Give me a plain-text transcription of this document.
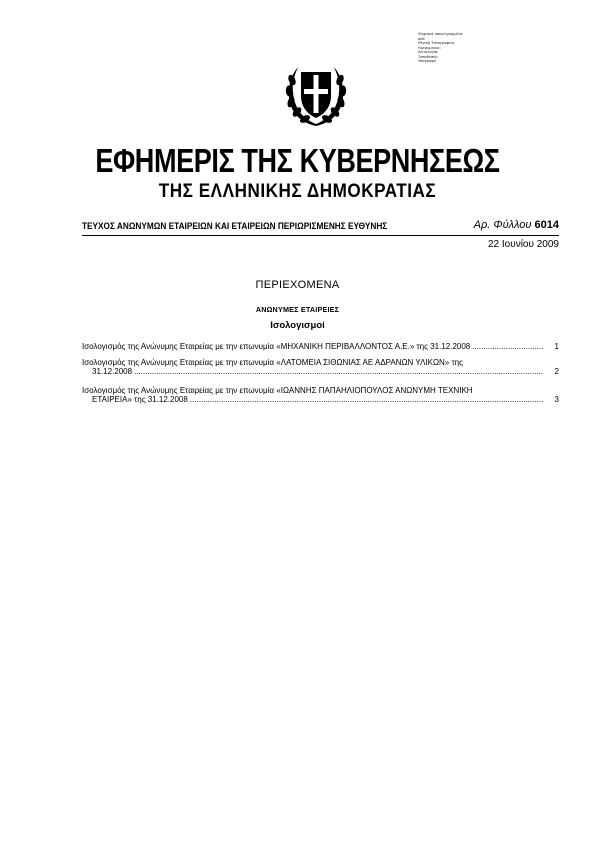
Ψηφιακά υπογεγραμμένο
από
Εθνικό Τυπογραφείο
Ημερομηνία:
Αιτιολογία:
Τοποθεσία:
Υπογραφή
ΕΦΗΜΕΡΙΣ ΤΗΣ ΚΥΒΕΡΝΗΣΕΩΣ
ΤΗΣ ΕΛΛΗΝΙΚΗΣ ΔΗΜΟΚΡΑΤΙΑΣ
ΤΕΥΧΟΣ ΑΝΩΝΥΜΩΝ ΕΤΑΙΡΕΙΩΝ ΚΑΙ ΕΤΑΙΡΕΙΩΝ ΠΕΡΙΩΡΙΣΜΕΝΗΣ ΕΥΘΥΝΗΣ	Αρ. Φύλλου 6014
22 Ιουνίου 2009
ΠΕΡΙΕΧΟΜΕΝΑ
ΑΝΩΝΥΜΕΣ ΕΤΑΙΡΕΙΕΣ
Ισολογισμοί
Ισολογισμός της Ανώνυμης Εταιρείας με την επωνυμία «ΜΗΧΑΝΙΚΗ ΠΕΡΙΒΑΛΛΟΝΤΟΣ Α.Ε.» της 31.12.2008 .....	1
Ισολογισμός της Ανώνυμης Εταιρείας με την επωνυμία «ΛΑΤΟΜΕΙΑ ΣΙΘΩΝΙΑΣ ΑΕ ΑΔΡΑΝΩΝ ΥΛΙΚΩΝ» της
31.12.2008 .....	2
Ισολογισμός της Ανώνυμης Εταιρείας με την επωνυμία «ΙΩΑΝΝΗΣ ΠΑΠΑΗΛΙΟΠΟΥΛΟΣ ΑΝΩΝΥΜΗ ΤΕΧΝΙΚΗ
ΕΤΑΙΡΕΙΑ» της 31.12.2008 .....	3
